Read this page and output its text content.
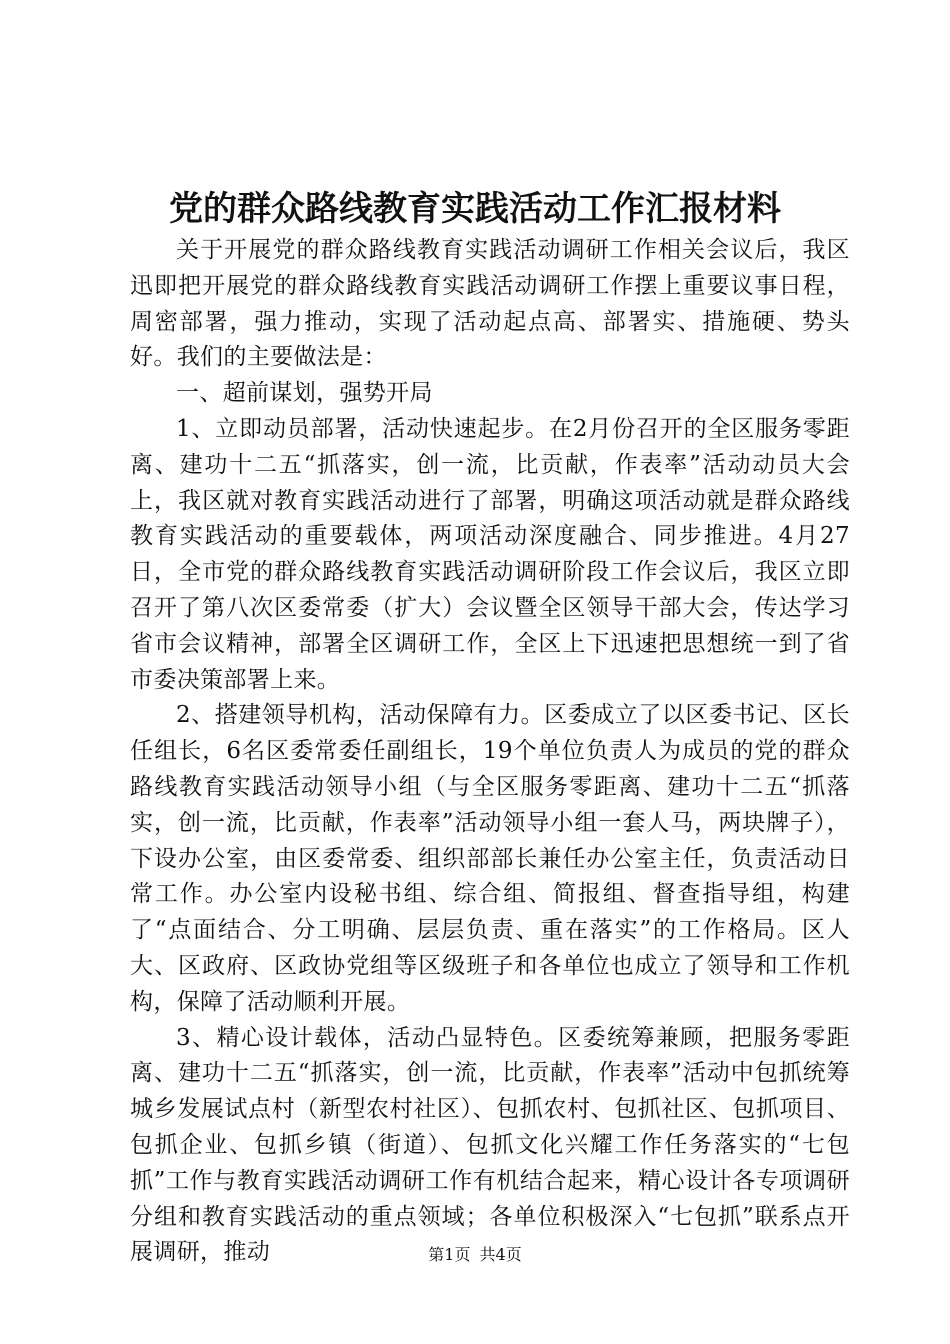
党的群众路线教育实践活动工作汇报材料

关于开展党的群众路线教育实践活动调研工作相关会议后，我区迅即把开展党的群众路线教育实践活动调研工作摆上重要议事日程，周密部署，强力推动，实现了活动起点高、部署实、措施硬、势头好。我们的主要做法是：

一、超前谋划，强势开局

1、立即动员部署，活动快速起步。在2月份召开的全区服务零距离、建功十二五“抓落实，创一流，比贡献，作表率”活动动员大会上，我区就对教育实践活动进行了部署，明确这项活动就是群众路线教育实践活动的重要载体，两项活动深度融合、同步推进。4月27日，全市党的群众路线教育实践活动调研阶段工作会议后，我区立即召开了第八次区委常委（扩大）会议暨全区领导干部大会，传达学习省市会议精神，部署全区调研工作，全区上下迅速把思想统一到了省市委决策部署上来。

2、搭建领导机构，活动保障有力。区委成立了以区委书记、区长任组长，6名区委常委任副组长，19个单位负责人为成员的党的群众路线教育实践活动领导小组（与全区服务零距离、建功十二五“抓落实，创一流，比贡献，作表率”活动领导小组一套人马，两块牌子），下设办公室，由区委常委、组织部部长兼任办公室主任，负责活动日常工作。办公室内设秘书组、综合组、简报组、督查指导组，构建了“点面结合、分工明确、层层负责、重在落实”的工作格局。区人大、区政府、区政协党组等区级班子和各单位也成立了领导和工作机构，保障了活动顺利开展。

3、精心设计载体，活动凸显特色。区委统筹兼顾，把服务零距离、建功十二五“抓落实，创一流，比贡献，作表率”活动中包抓统筹城乡发展试点村（新型农村社区）、包抓农村、包抓社区、包抓项目、包抓企业、包抓乡镇（街道）、包抓文化兴耀工作任务落实的“七包抓”工作与教育实践活动调研工作有机结合起来，精心设计各专项调研分组和教育实践活动的重点领域；各单位积极深入“七包抓”联系点开展调研，推动	第1页 共4页
